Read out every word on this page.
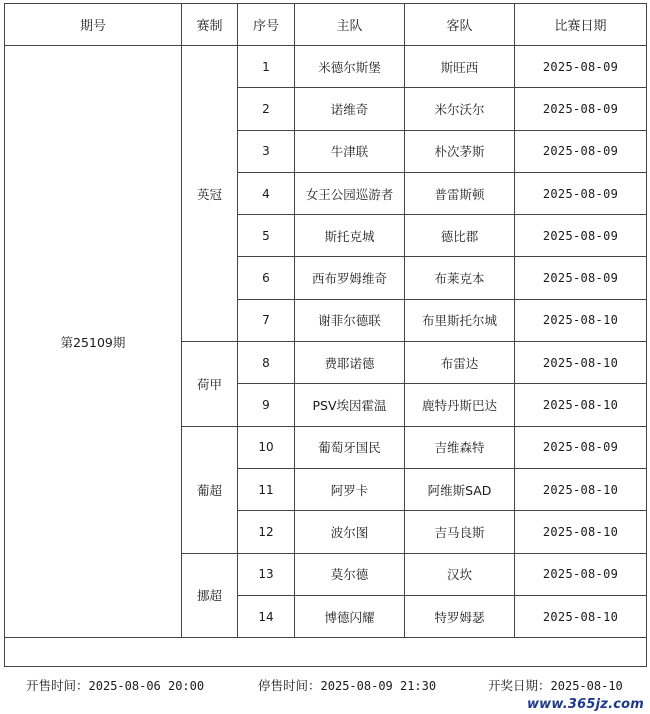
期号	赛制	序号	主队	客队	比赛日期
第25109期	英冠	1	米德尔斯堡	斯旺西	2025-08-09
		2	诺维奇	米尔沃尔	2025-08-09
		3	牛津联	朴次茅斯	2025-08-09
		4	女王公园巡游者	普雷斯顿	2025-08-09
		5	斯托克城	德比郡	2025-08-09
		6	西布罗姆维奇	布莱克本	2025-08-09
		7	谢菲尔德联	布里斯托尔城	2025-08-10
	荷甲	8	费耶诺德	布雷达	2025-08-10
		9	PSV埃因霍温	鹿特丹斯巴达	2025-08-10
	葡超	10	葡萄牙国民	吉维森特	2025-08-09
		11	阿罗卡	阿维斯SAD	2025-08-10
		12	波尔图	吉马良斯	2025-08-10
	挪超	13	莫尔德	汉坎	2025-08-09
		14	博德闪耀	特罗姆瑟	2025-08-10

开售时间：2025-08-06 20:00	停售时间：2025-08-09 21:30	开奖日期：2025-08-10
www.365jz.com
